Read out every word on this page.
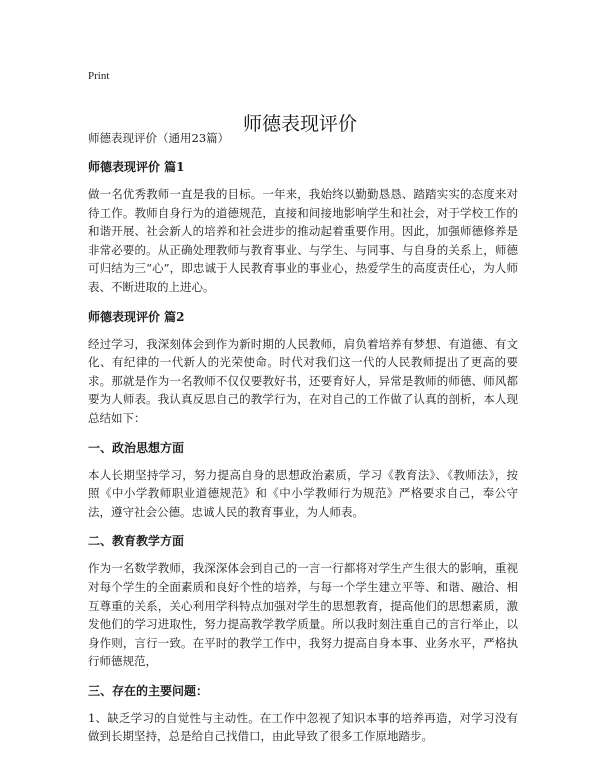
Print
师德表现评价

师德表现评价（通用23篇）

师德表现评价 篇1

做一名优秀教师一直是我的目标。一年来，我始终以勤勤恳恳、踏踏实实的态度来对待工作。教师自身行为的道德规范，直接和间接地影响学生和社会，对于学校工作的和谐开展、社会新人的培养和社会进步的推动起着重要作用。因此，加强师德修养是非常必要的。从正确处理教师与教育事业、与学生、与同事、与自身的关系上，师德可归结为三“心”，即忠诚于人民教育事业的事业心，热爱学生的高度责任心，为人师表、不断进取的上进心。

师德表现评价 篇2

经过学习，我深刻体会到作为新时期的人民教师，肩负着培养有梦想、有道德、有文化、有纪律的一代新人的光荣使命。时代对我们这一代的人民教师提出了更高的要求。那就是作为一名教师不仅仅要教好书，还要育好人，异常是教师的师德、师风都要为人师表。我认真反思自己的教学行为，在对自己的工作做了认真的剖析，本人现总结如下：

一、政治思想方面

本人长期坚持学习，努力提高自身的思想政治素质，学习《教育法》、《教师法》，按照《中小学教师职业道德规范》和《中小学教师行为规范》严格要求自己，奉公守法，遵守社会公德。忠诚人民的教育事业，为人师表。

二、教育教学方面

作为一名数学教师，我深深体会到自己的一言一行都将对学生产生很大的影响，重视对每个学生的全面素质和良好个性的培养，与每一个学生建立平等、和谐、融洽、相互尊重的关系，关心利用学科特点加强对学生的思想教育，提高他们的思想素质，激发他们的学习进取性，努力提高教学教学质量。所以我时刻注重自己的言行举止，以身作则，言行一致。在平时的教学工作中，我努力提高自身本事、业务水平，严格执行师德规范，

三、存在的主要问题：

1、缺乏学习的自觉性与主动性。在工作中忽视了知识本事的培养再造，对学习没有做到长期坚持，总是给自己找借口，由此导致了很多工作原地踏步。
